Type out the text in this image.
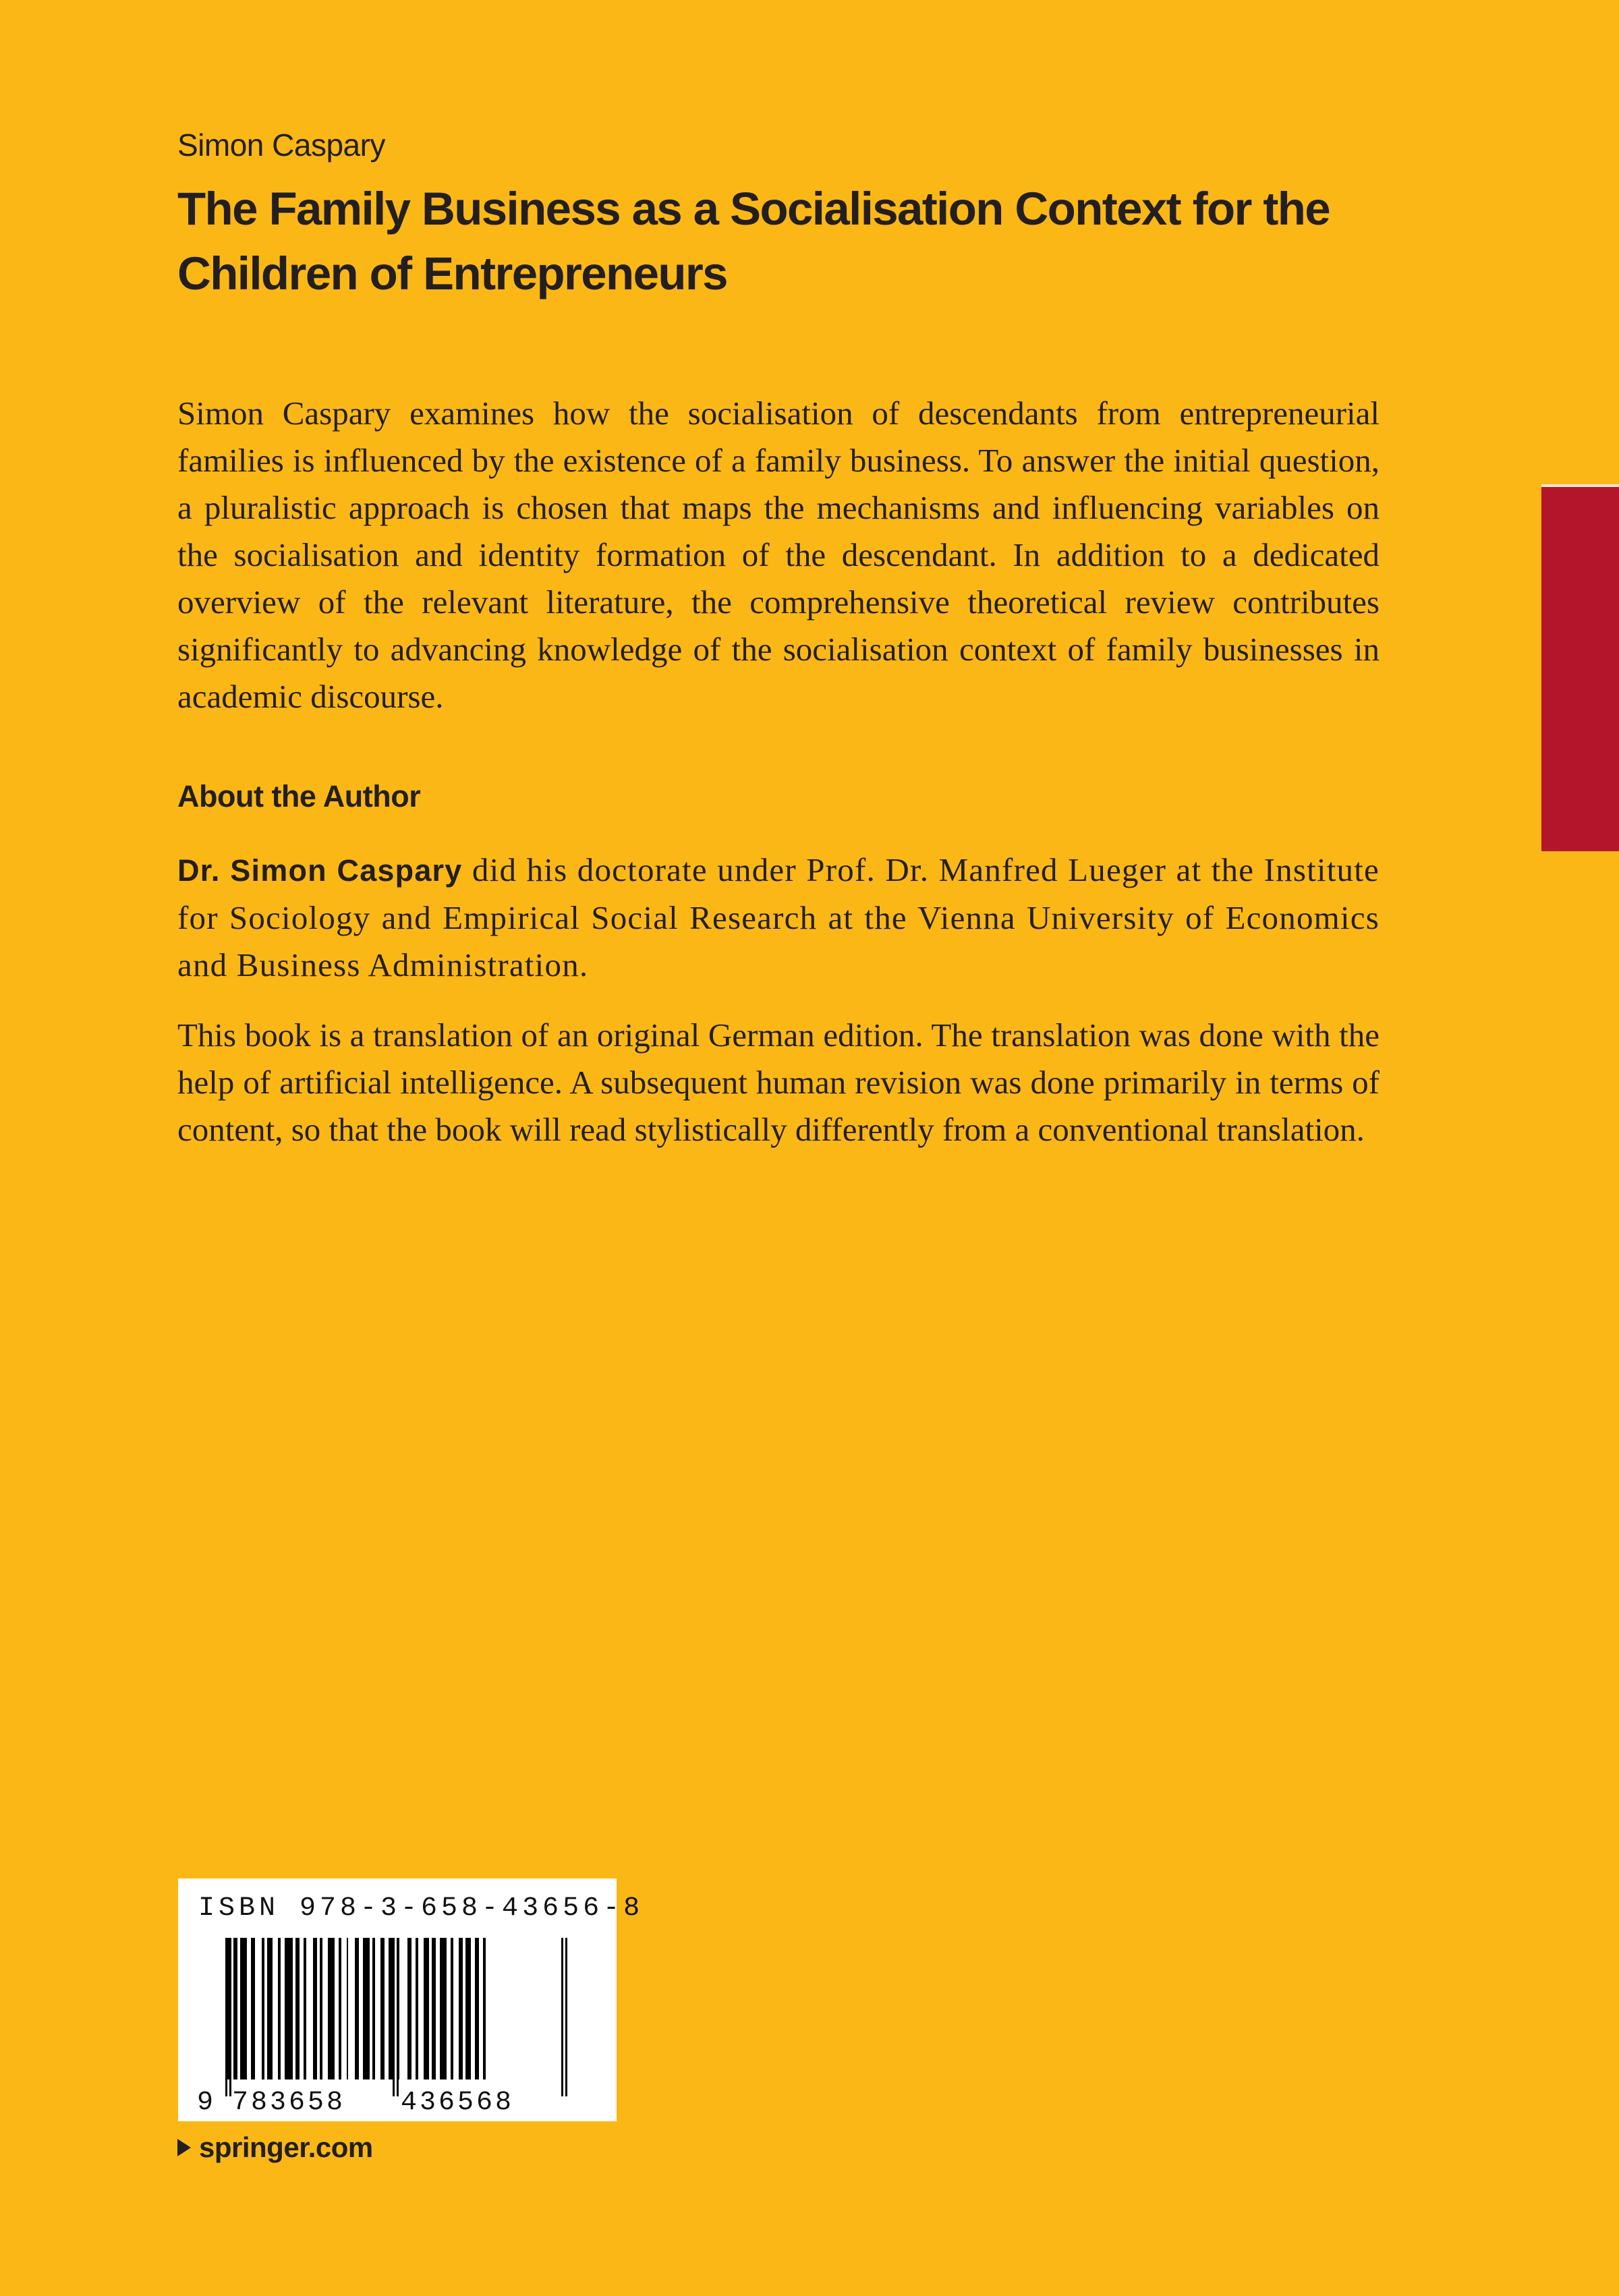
Simon Caspary
The Family Business as a Socialisation Context for the Children of Entrepreneurs

Simon Caspary examines how the socialisation of descendants from entrepreneurial families is influenced by the existence of a family business. To answer the initial question, a pluralistic approach is chosen that maps the mechanisms and influencing variables on the socialisation and identity formation of the descendant. In addition to a dedicated overview of the relevant literature, the comprehensive theoretical review contributes significantly to advancing knowledge of the socialisation context of family businesses in academic discourse.

About the Author

Dr. Simon Caspary did his doctorate under Prof. Dr. Manfred Lueger at the Institute for Sociology and Empirical Social Research at the Vienna University of Economics and Business Administration.

This book is a translation of an original German edition. The translation was done with the help of artificial intelligence. A subsequent human revision was done primarily in terms of content, so that the book will read stylistically differently from a conventional translation.

ISBN 978-3-658-43656-8
9 783658 436568
springer.com
